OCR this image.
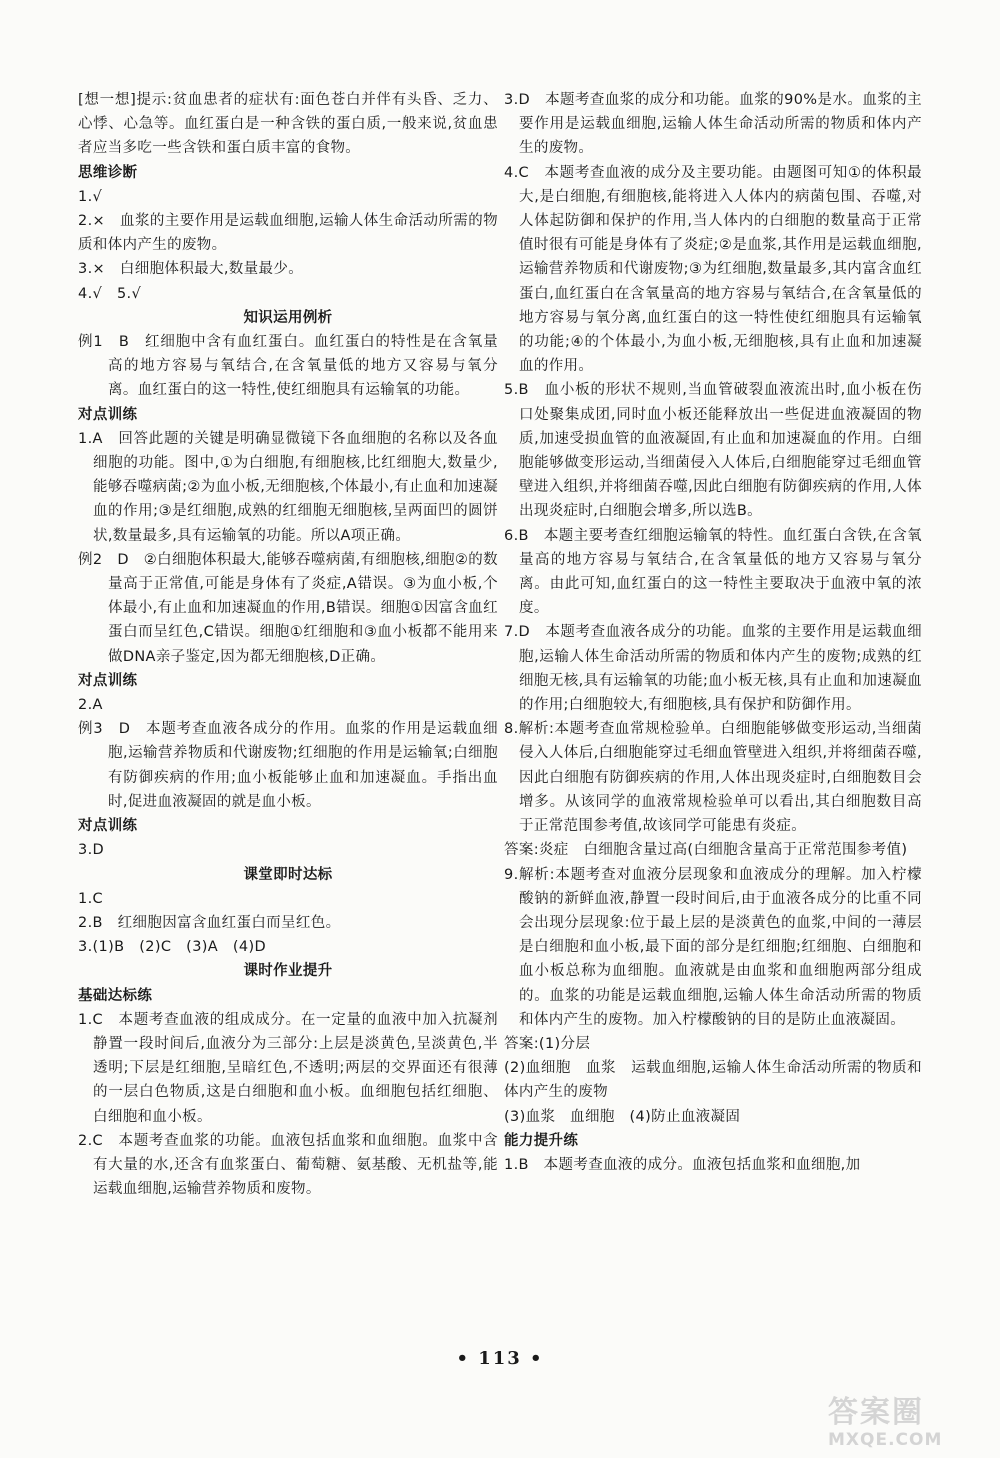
[想一想]提示:贫血患者的症状有:面色苍白并伴有头昏、乏力、心悸、心急等。血红蛋白是一种含铁的蛋白质,一般来说,贫血患者应当多吃一些含铁和蛋白质丰富的食物。

思维诊断

1.√

2.×　血浆的主要作用是运载血细胞,运输人体生命活动所需的物质和体内产生的废物。

3.×　白细胞体积最大,数量最少。

4.√　5.√

知识运用例析

例1　B　红细胞中含有血红蛋白。血红蛋白的特性是在含氧量高的地方容易与氧结合,在含氧量低的地方又容易与氧分离。血红蛋白的这一特性,使红细胞具有运输氧的功能。

对点训练

1.A　回答此题的关键是明确显微镜下各血细胞的名称以及各血细胞的功能。图中,①为白细胞,有细胞核,比红细胞大,数量少,能够吞噬病菌;②为血小板,无细胞核,个体最小,有止血和加速凝血的作用;③是红细胞,成熟的红细胞无细胞核,呈两面凹的圆饼状,数量最多,具有运输氧的功能。所以A项正确。

例2　D　②白细胞体积最大,能够吞噬病菌,有细胞核,细胞②的数量高于正常值,可能是身体有了炎症,A错误。③为血小板,个体最小,有止血和加速凝血的作用,B错误。细胞①因富含血红蛋白而呈红色,C错误。细胞①红细胞和③血小板都不能用来做DNA亲子鉴定,因为都无细胞核,D正确。

对点训练

2.A

例3　D　本题考查血液各成分的作用。血浆的作用是运载血细胞,运输营养物质和代谢废物;红细胞的作用是运输氧;白细胞有防御疾病的作用;血小板能够止血和加速凝血。手指出血时,促进血液凝固的就是血小板。

对点训练

3.D

课堂即时达标

1.C

2.B　红细胞因富含血红蛋白而呈红色。

3.(1)B　(2)C　(3)A　(4)D

课时作业提升

基础达标练

1.C　本题考查血液的组成成分。在一定量的血液中加入抗凝剂静置一段时间后,血液分为三部分:上层是淡黄色,呈淡黄色,半透明;下层是红细胞,呈暗红色,不透明;两层的交界面还有很薄的一层白色物质,这是白细胞和血小板。血细胞包括红细胞、白细胞和血小板。

2.C　本题考查血浆的功能。血液包括血浆和血细胞。血浆中含有大量的水,还含有血浆蛋白、葡萄糖、氨基酸、无机盐等,能运载血细胞,运输营养物质和废物。

3.D　本题考查血浆的成分和功能。血浆的90%是水。血浆的主要作用是运载血细胞,运输人体生命活动所需的物质和体内产生的废物。

4.C　本题考查血液的成分及主要功能。由题图可知①的体积最大,是白细胞,有细胞核,能将进入人体内的病菌包围、吞噬,对人体起防御和保护的作用,当人体内的白细胞的数量高于正常值时很有可能是身体有了炎症;②是血浆,其作用是运载血细胞,运输营养物质和代谢废物;③为红细胞,数量最多,其内富含血红蛋白,血红蛋白在含氧量高的地方容易与氧结合,在含氧量低的地方容易与氧分离,血红蛋白的这一特性使红细胞具有运输氧的功能;④的个体最小,为血小板,无细胞核,具有止血和加速凝血的作用。

5.B　血小板的形状不规则,当血管破裂血液流出时,血小板在伤口处聚集成团,同时血小板还能释放出一些促进血液凝固的物质,加速受损血管的血液凝固,有止血和加速凝血的作用。白细胞能够做变形运动,当细菌侵入人体后,白细胞能穿过毛细血管壁进入组织,并将细菌吞噬,因此白细胞有防御疾病的作用,人体出现炎症时,白细胞会增多,所以选B。

6.B　本题主要考查红细胞运输氧的特性。血红蛋白含铁,在含氧量高的地方容易与氧结合,在含氧量低的地方又容易与氧分离。由此可知,血红蛋白的这一特性主要取决于血液中氧的浓度。

7.D　本题考查血液各成分的功能。血浆的主要作用是运载血细胞,运输人体生命活动所需的物质和体内产生的废物;成熟的红细胞无核,具有运输氧的功能;血小板无核,具有止血和加速凝血的作用;白细胞较大,有细胞核,具有保护和防御作用。

8.解析:本题考查血常规检验单。白细胞能够做变形运动,当细菌侵入人体后,白细胞能穿过毛细血管壁进入组织,并将细菌吞噬,因此白细胞有防御疾病的作用,人体出现炎症时,白细胞数目会增多。从该同学的血液常规检验单可以看出,其白细胞数目高于正常范围参考值,故该同学可能患有炎症。

答案:炎症　白细胞含量过高(白细胞含量高于正常范围参考值)

9.解析:本题考查对血液分层现象和血液成分的理解。加入柠檬酸钠的新鲜血液,静置一段时间后,由于血液各成分的比重不同会出现分层现象:位于最上层的是淡黄色的血浆,中间的一薄层是白细胞和血小板,最下面的部分是红细胞;红细胞、白细胞和血小板总称为血细胞。血液就是由血浆和血细胞两部分组成的。血浆的功能是运载血细胞,运输人体生命活动所需的物质和体内产生的废物。加入柠檬酸钠的目的是防止血液凝固。

答案:(1)分层

(2)血细胞　血浆　运载血细胞,运输人体生命活动所需的物质和体内产生的废物

(3)血浆　血细胞　(4)防止血液凝固

能力提升练

1.B　本题考查血液的成分。血液包括血浆和血细胞,加

• 113 •
答案圈
MXQE.COM
